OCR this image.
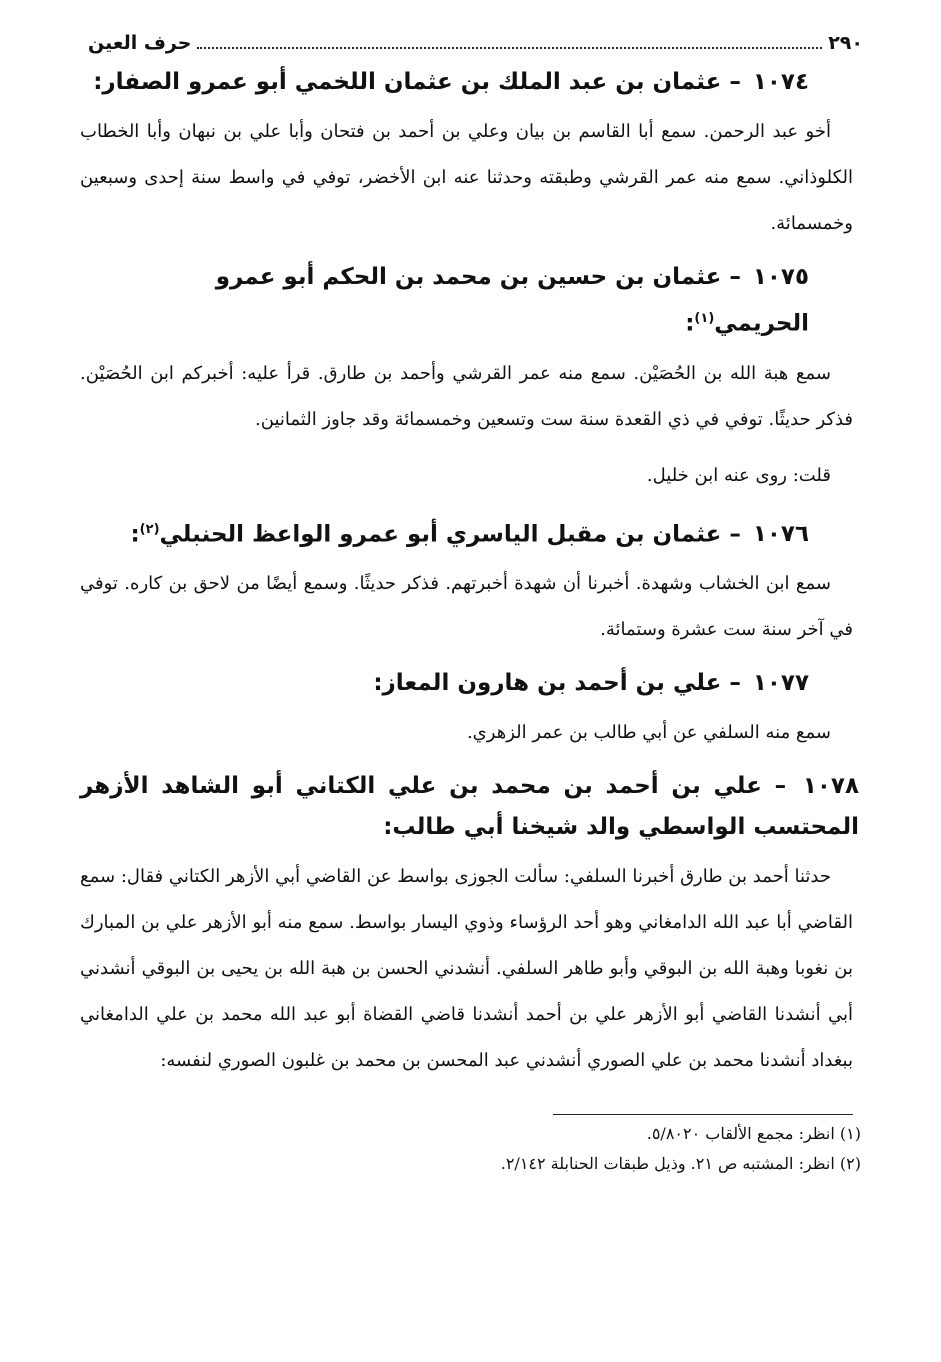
٢٩٠
حرف العين
١٠٧٤ – عثمان بن عبد الملك بن عثمان اللخمي أبو عمرو الصفار:
أخو عبد الرحمن. سمع أبا القاسم بن بيان وعلي بن أحمد بن فتحان وأبا علي بن نبهان وأبا الخطاب الكلوذاني. سمع منه عمر القرشي وطبقته وحدثنا عنه ابن الأخضر، توفي في واسط سنة إحدى وسبعين وخمسمائة.
١٠٧٥ – عثمان بن حسين بن محمد بن الحكم أبو عمرو الحريمي$^{(١)}$:
سمع هبة الله بن الحُصَيْن. سمع منه عمر القرشي وأحمد بن طارق. قرأ عليه: أخبركم ابن الحُصَيْن. فذكر حديثًا. توفي في ذي القعدة سنة ست وتسعين وخمسمائة وقد جاوز الثمانين.
قلت: روى عنه ابن خليل.
١٠٧٦ – عثمان بن مقبل الياسري أبو عمرو الواعظ الحنبلي$^{(٢)}$:
سمع ابن الخشاب وشهدة. أخبرنا أن شهدة أخبرتهم. فذكر حديثًا. وسمع أيضًا من لاحق بن كاره. توفي في آخر سنة ست عشرة وستمائة.
١٠٧٧ – علي بن أحمد بن هارون المعاز:
سمع منه السلفي عن أبي طالب بن عمر الزهري.
١٠٧٨ – علي بن أحمد بن محمد بن علي الكتاني أبو الشاهد الأزهر المحتسب الواسطي والد شيخنا أبي طالب:
حدثنا أحمد بن طارق أخبرنا السلفي: سألت الجوزى بواسط عن القاضي أبي الأزهر الكتاني فقال: سمع القاضي أبا عبد الله الدامغاني وهو أحد الرؤساء وذوي اليسار بواسط. سمع منه أبو الأزهر علي بن المبارك بن نغوبا وهبة الله بن البوقي وأبو طاهر السلفي. أنشدني الحسن بن هبة الله بن يحيى بن البوقي أنشدني أبي أنشدنا القاضي أبو الأزهر علي بن أحمد أنشدنا قاضي القضاة أبو عبد الله محمد بن علي الدامغاني ببغداد أنشدنا محمد بن علي الصوري أنشدني عبد المحسن بن محمد بن غلبون الصوري لنفسه:
(١) انظر: مجمع الألقاب ٥/٨٠٢٠.
(٢) انظر: المشتبه ص ٢١. وذيل طبقات الحنابلة ٢/١٤٢.
